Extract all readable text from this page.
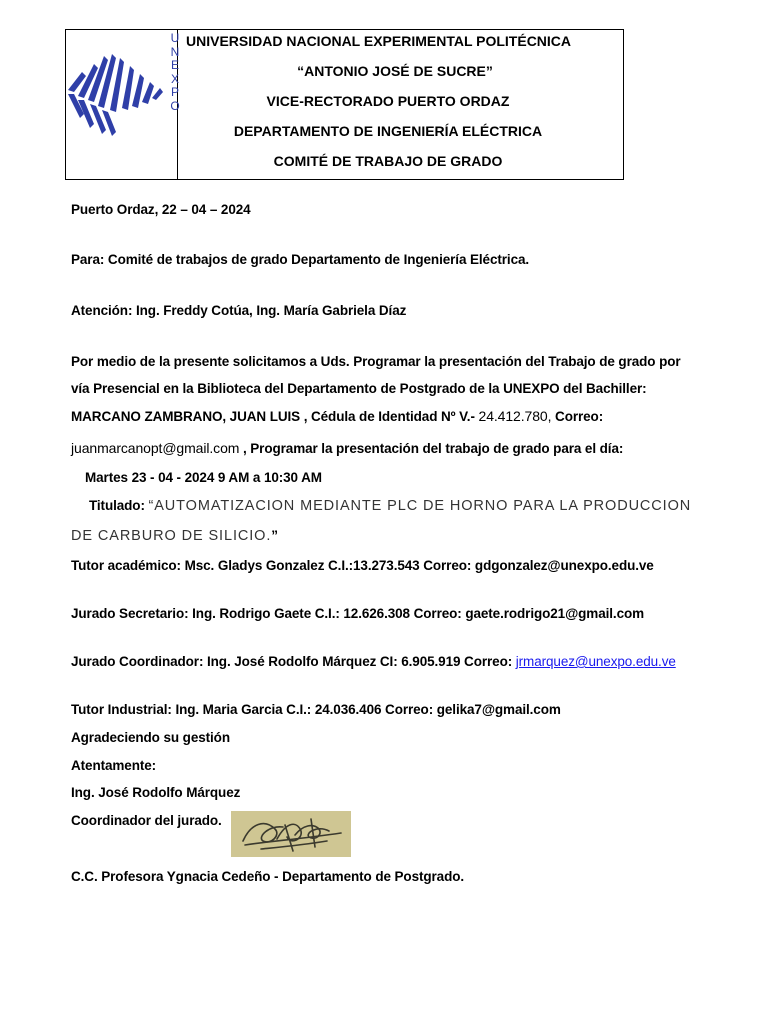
U
N
E
X
P
O
UNIVERSIDAD NACIONAL EXPERIMENTAL POLITÉCNICA
“ANTONIO JOSÉ DE SUCRE”
VICE-RECTORADO PUERTO ORDAZ
DEPARTAMENTO DE INGENIERÍA ELÉCTRICA
COMITÉ DE TRABAJO DE GRADO
Puerto Ordaz, 22 – 04 – 2024
Para: Comité de trabajos de grado Departamento de Ingeniería Eléctrica.
Atención: Ing. Freddy Cotúa, Ing. María Gabriela Díaz
Por medio de la presente solicitamos a Uds. Programar la presentación del Trabajo de grado por
vía Presencial en la Biblioteca del Departamento de Postgrado de la UNEXPO del Bachiller:
MARCANO ZAMBRANO, JUAN LUIS , Cédula de Identidad Nº V.- 24.412.780, Correo:
juanmarcanopt@gmail.com , Programar la presentación del trabajo de grado para el día:
Martes 23 - 04 - 2024 9 AM a 10:30 AM
Titulado: “AUTOMATIZACION MEDIANTE PLC DE HORNO PARA LA PRODUCCION
DE CARBURO DE SILICIO.”
Tutor académico: Msc. Gladys Gonzalez C.I.:13.273.543 Correo: gdgonzalez@unexpo.edu.ve
Jurado Secretario: Ing. Rodrigo Gaete C.I.: 12.626.308 Correo: gaete.rodrigo21@gmail.com
Jurado Coordinador: Ing. José Rodolfo Márquez CI: 6.905.919 Correo: jrmarquez@unexpo.edu.ve
Tutor Industrial: Ing. Maria Garcia C.I.: 24.036.406 Correo: gelika7@gmail.com
Agradeciendo su gestión
Atentamente:
Ing. José Rodolfo Márquez
Coordinador del jurado.
C.C. Profesora Ygnacia Cedeño - Departamento de Postgrado.
